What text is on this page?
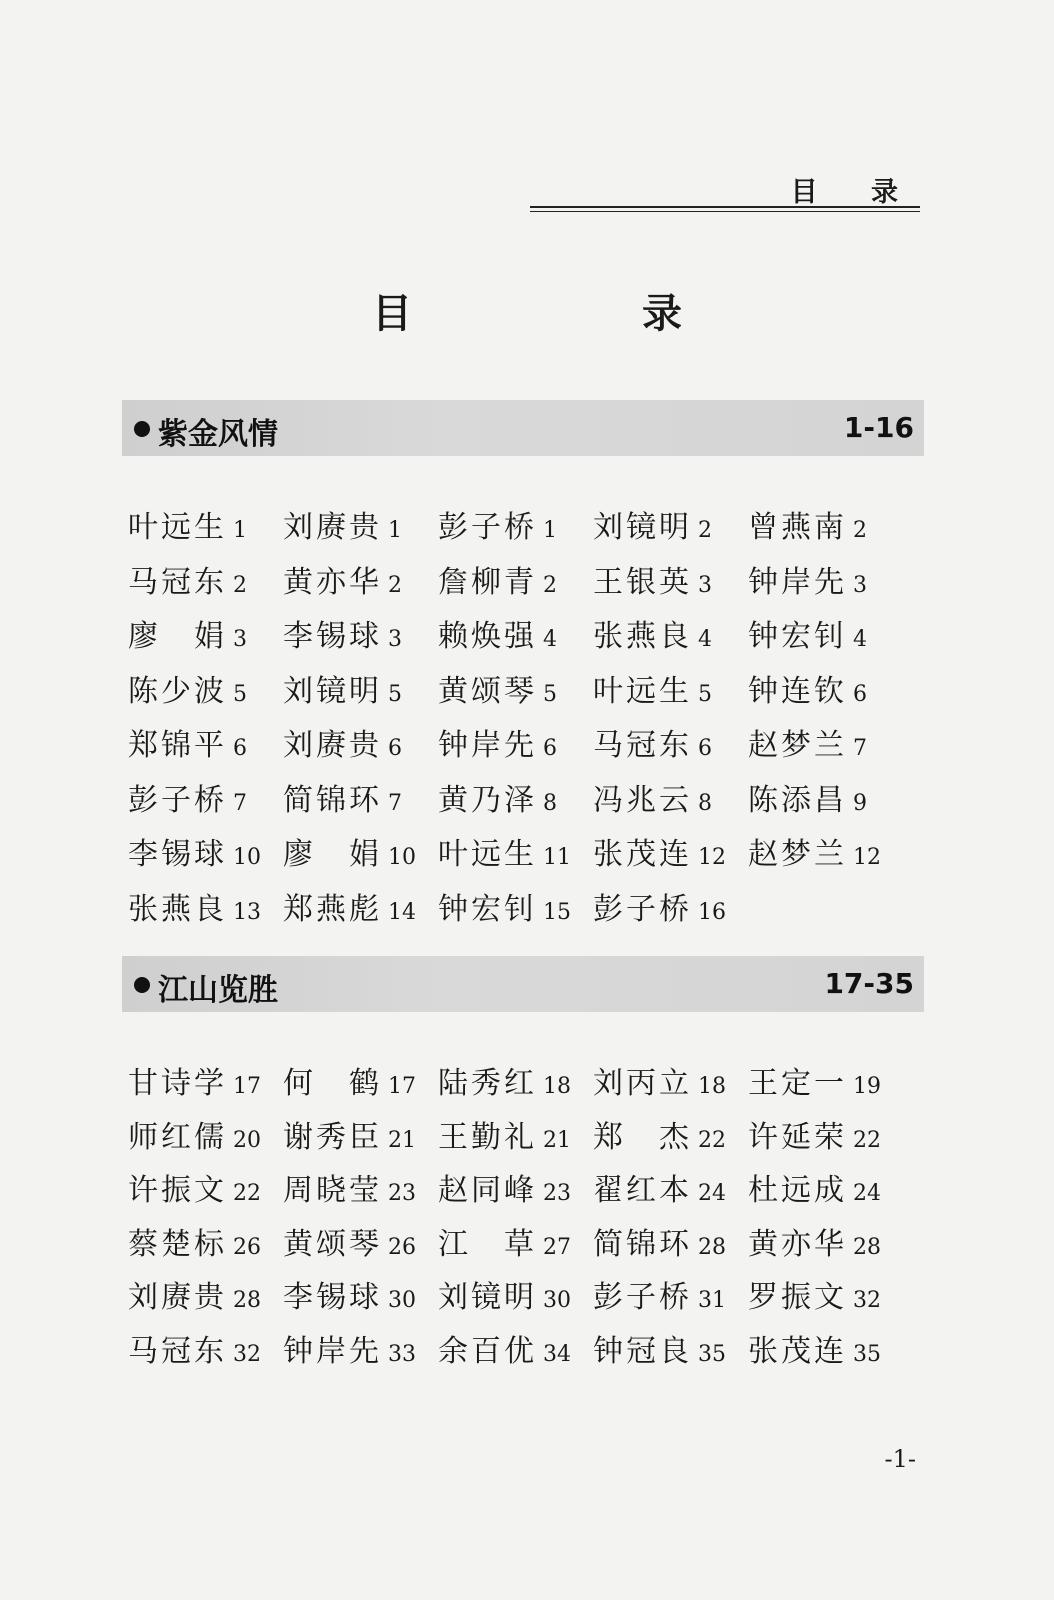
目 录
目 录
紫金风情	1-16
叶远生 1 刘赓贵 1 彭子桥 1 刘镜明 2 曾燕南 2
马冠东 2 黄亦华 2 詹柳青 2 王银英 3 钟岸先 3
廖　娟 3 李锡球 3 赖焕强 4 张燕良 4 钟宏钊 4
陈少波 5 刘镜明 5 黄颂琴 5 叶远生 5 钟连钦 6
郑锦平 6 刘赓贵 6 钟岸先 6 马冠东 6 赵梦兰 7
彭子桥 7 简锦环 7 黄乃泽 8 冯兆云 8 陈添昌 9
李锡球 10 廖　娟 10 叶远生 11 张茂连 12 赵梦兰 12
张燕良 13 郑燕彪 14 钟宏钊 15 彭子桥 16
江山览胜	17-35
甘诗学 17 何　鹤 17 陆秀红 18 刘丙立 18 王定一 19
师红儒 20 谢秀臣 21 王勤礼 21 郑　杰 22 许延荣 22
许振文 22 周晓莹 23 赵同峰 23 翟红本 24 杜远成 24
蔡楚标 26 黄颂琴 26 江　草 27 简锦环 28 黄亦华 28
刘赓贵 28 李锡球 30 刘镜明 30 彭子桥 31 罗振文 32
马冠东 32 钟岸先 33 余百优 34 钟冠良 35 张茂连 35
-1-
